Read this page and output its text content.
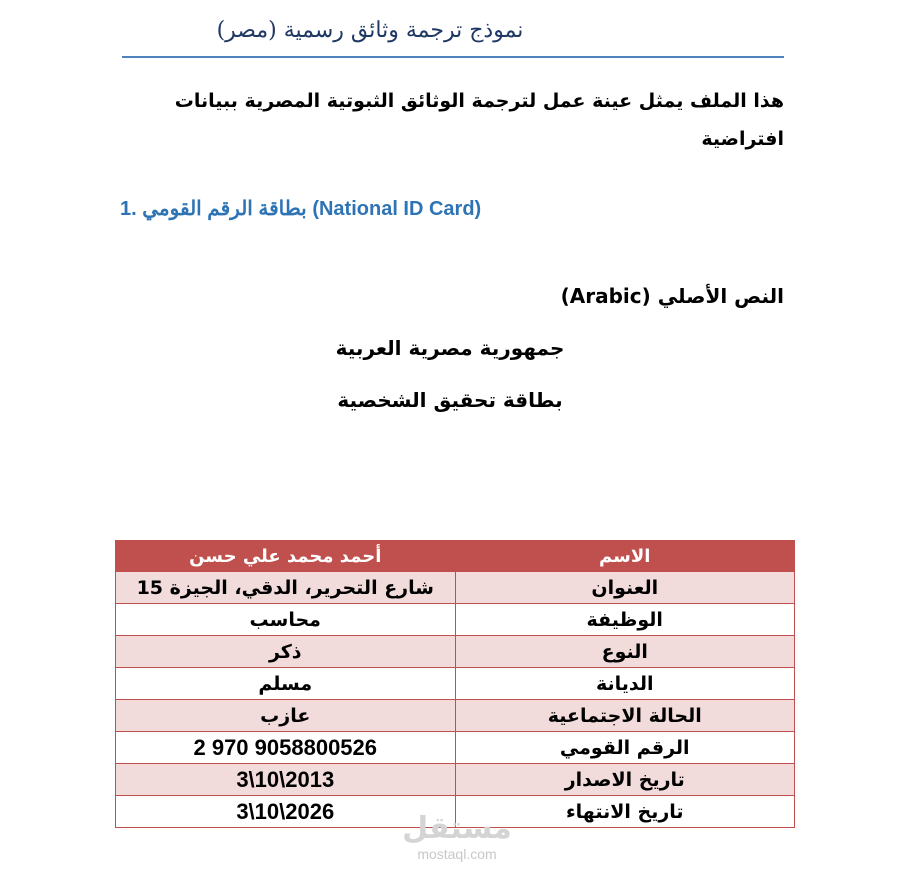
نموذج ترجمة وثائق رسمية (مصر)
هذا الملف يمثل عينة عمل لترجمة الوثائق الثبوتية المصرية ببيانات افتراضية
1. بطاقة الرقم القومي (National ID Card)
النص الأصلي (Arabic)
جمهورية مصرية العربية
بطاقة تحقيق الشخصية
الاسم	أحمد محمد علي حسن
العنوان	شارع التحرير، الدقي، الجيزة 15
الوظيفة	محاسب
النوع	ذكر
الديانة	مسلم
الحالة الاجتماعية	عازب
الرقم القومي	2 970 9058800526
تاريخ الاصدار	3\10\2013
تاريخ الانتهاء	3\10\2026 مستقل
mostaql.com
